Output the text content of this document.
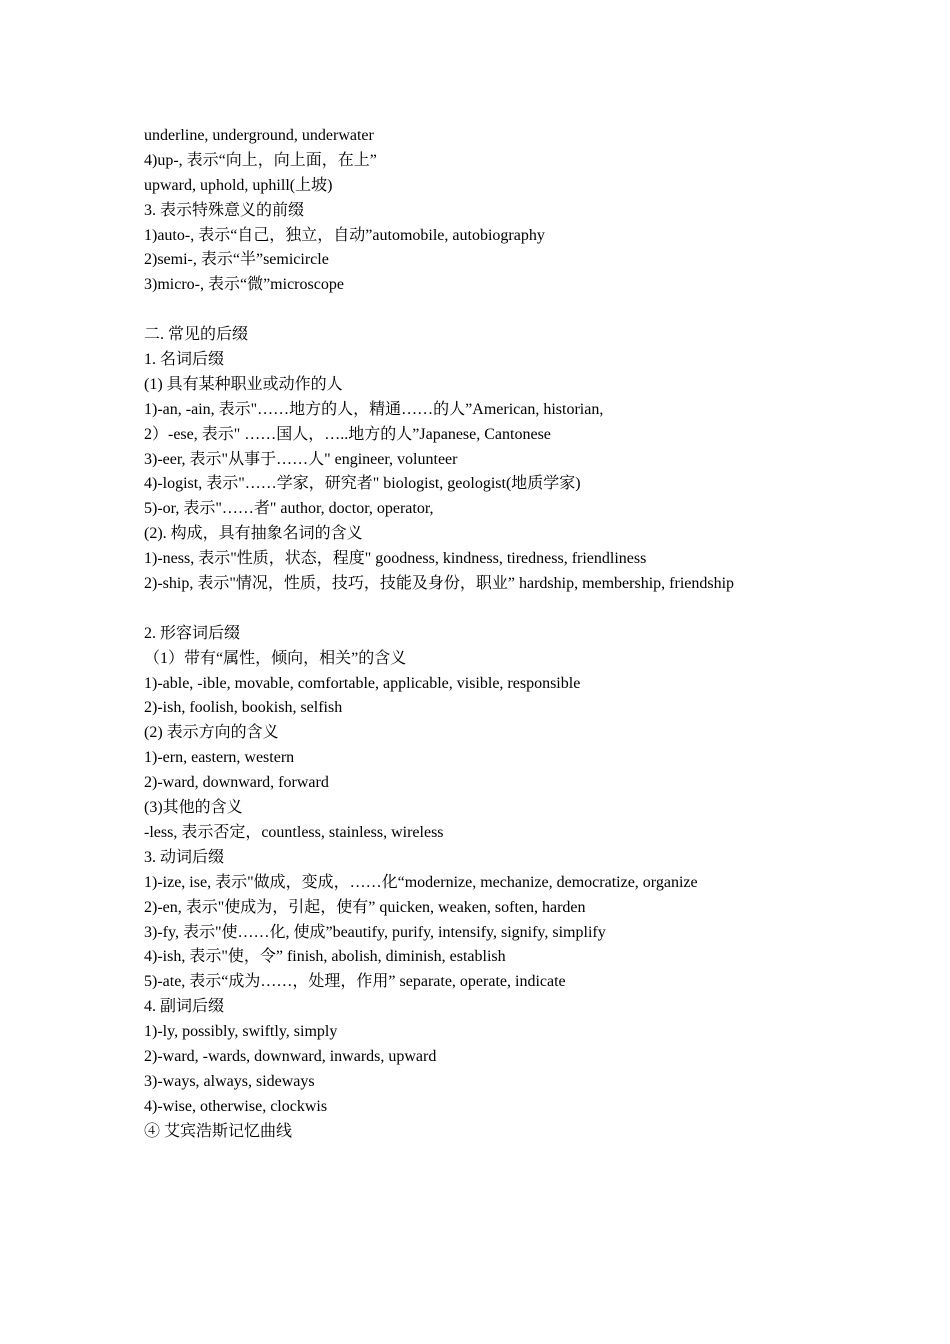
underline, underground, underwater
4)up-, 表示“向上，向上面，在上”
upward, uphold, uphill(上坡)
3. 表示特殊意义的前缀
1)auto-, 表示“自己，独立，自动”automobile, autobiography
2)semi-, 表示“半”semicircle
3)micro-, 表示“微”microscope
二. 常见的后缀
1. 名词后缀
(1) 具有某种职业或动作的人
1)-an, -ain, 表示"……地方的人，精通……的人”American, historian,
2）-ese, 表示" ……国人，…..地方的人”Japanese, Cantonese
3)-eer, 表示"从事于……人" engineer, volunteer
4)-logist, 表示"……学家，研究者" biologist, geologist(地质学家)
5)-or, 表示"……者" author, doctor, operator,
(2). 构成，具有抽象名词的含义
1)-ness, 表示"性质，状态，程度" goodness, kindness, tiredness, friendliness
2)-ship, 表示"情况，性质，技巧，技能及身份，职业” hardship, membership, friendship
2. 形容词后缀
（1）带有“属性，倾向，相关”的含义
1)-able, -ible, movable, comfortable, applicable, visible, responsible
2)-ish, foolish, bookish, selfish
(2) 表示方向的含义
1)-ern, eastern, western
2)-ward, downward, forward
(3)其他的含义
-less, 表示否定，countless, stainless, wireless
3. 动词后缀
1)-ize, ise, 表示"做成，变成，……化“modernize, mechanize, democratize, organize
2)-en, 表示"使成为，引起，使有” quicken, weaken, soften, harden
3)-fy, 表示"使……化, 使成”beautify, purify, intensify, signify, simplify
4)-ish, 表示"使，令” finish, abolish, diminish, establish
5)-ate, 表示“成为……，处理，作用” separate, operate, indicate
4. 副词后缀
1)-ly, possibly, swiftly, simply
2)-ward, -wards, downward, inwards, upward
3)-ways, always, sideways
4)-wise, otherwise, clockwis
④ 艾宾浩斯记忆曲线
